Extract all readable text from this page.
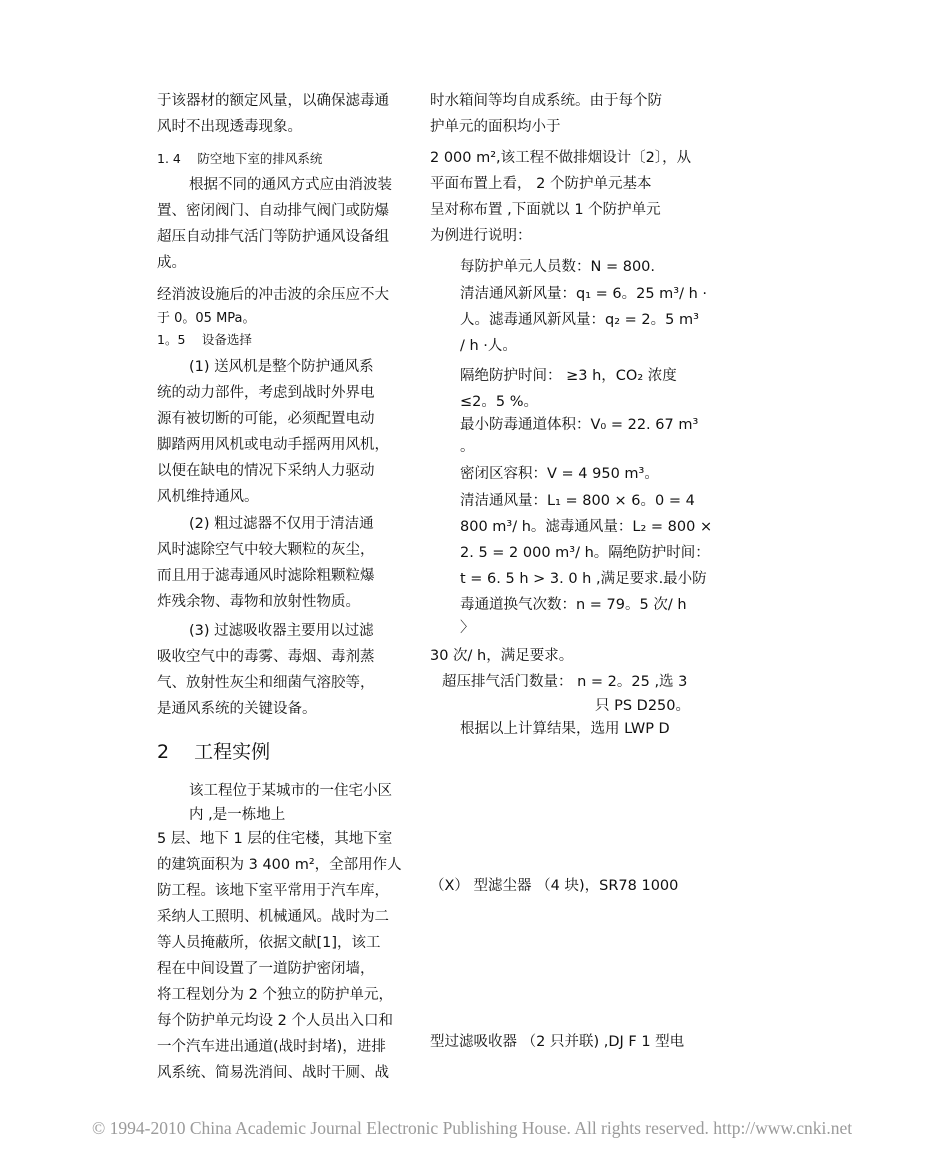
于该器材的额定风量，以确保滤毒通
风时不出现透毒现象。
1. 4　 防空地下室的排风系统
根据不同的通风方式应由消波装
置、密闭阀门、自动排气阀门或防爆
超压自动排气活门等防护通风设备组
成。
经消波设施后的冲击波的余压应不大
于 0。05 MPa。
1。5　 设备选择
(1) 送风机是整个防护通风系
统的动力部件，考虑到战时外界电
源有被切断的可能，必须配置电动
脚踏两用风机或电动手摇两用风机，
以便在缺电的情况下采纳人力驱动
风机维持通风。
(2) 粗过滤器不仅用于清洁通
风时滤除空气中较大颗粒的灰尘，
而且用于滤毒通风时滤除粗颗粒爆
炸残余物、毒物和放射性物质。
(3) 过滤吸收器主要用以过滤
吸收空气中的毒雾、毒烟、毒剂蒸
气、放射性灰尘和细菌气溶胶等，
是通风系统的关键设备。
2　 工程实例
该工程位于某城市的一住宅小区
内 ,是一栋地上
5 层、地下 1 层的住宅楼，其地下室
的建筑面积为 3 400 m²，全部用作人
防工程。该地下室平常用于汽车库，
采纳人工照明、机械通风。战时为二
等人员掩蔽所，依据文献[1]，该工
程在中间设置了一道防护密闭墙，
将工程划分为 2 个独立的防护单元，
每个防护单元均设 2 个人员出入口和
一个汽车进出通道(战时封堵)，进排
风系统、简易洗消间、战时干厕、战
时水箱间等均自成系统。由于每个防
护单元的面积均小于
2 000 m²,该工程不做排烟设计〔2〕，从
平面布置上看， 2 个防护单元基本
呈对称布置 ,下面就以 1 个防护单元
为例进行说明：
每防护单元人员数：N = 800.
清洁通风新风量：q₁ = 6。25 m³/ h ·
人。滤毒通风新风量：q₂ = 2。5 m³
/ h ·人。
隔绝防护时间： ≥3 h，CO₂ 浓度
≤2。5 %。
最小防毒通道体积：V₀ = 22. 67 m³
。
密闭区容积：V = 4 950 m³。
清洁通风量：L₁ = 800 × 6。0 = 4
800 m³/ h。滤毒通风量：L₂ = 800 ×
2. 5 = 2 000 m³/ h。隔绝防护时间：
t = 6. 5 h > 3. 0 h ,满足要求.最小防
毒通道换气次数：n = 79。5 次/ h
〉
30 次/ h，满足要求。
超压排气活门数量： n = 2。25 ,选 3
只 PS D250。
根据以上计算结果，选用 LWP D
（X） 型滤尘器 （4 块)，SR78 1000
型过滤吸收器 （2 只并联) ,DJ F 1 型电
© 1994-2010 China Academic Journal Electronic Publishing House. All rights reserved. http://www.cnki.net
